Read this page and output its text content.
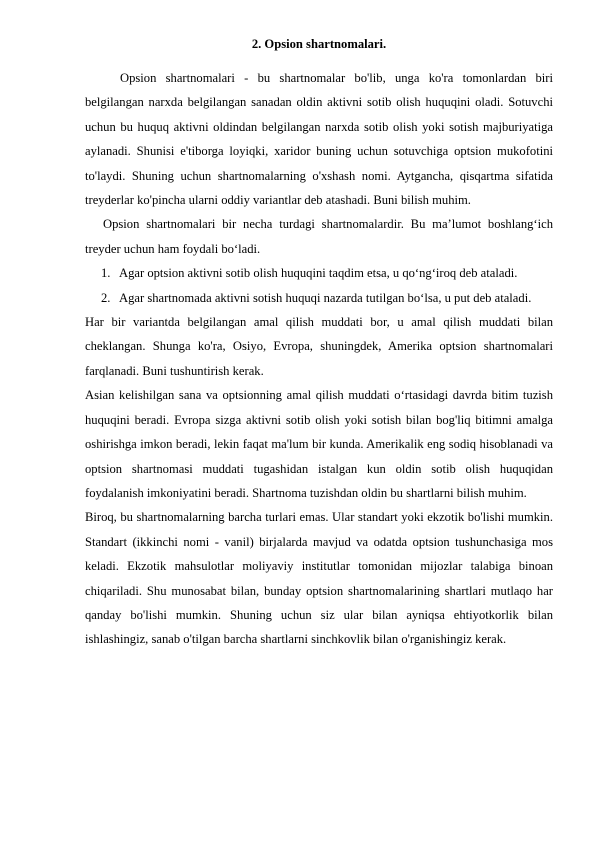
2. Opsion shartnomalari.

Opsion shartnomalari - bu shartnomalar bo'lib, unga ko'ra tomonlardan biri belgilangan narxda belgilangan sanadan oldin aktivni sotib olish huquqini oladi. Sotuvchi uchun bu huquq aktivni oldindan belgilangan narxda sotib olish yoki sotish majburiyatiga aylanadi. Shunisi e'tiborga loyiqki, xaridor buning uchun sotuvchiga optsion mukofotini to'laydi. Shuning uchun shartnomalarning o'xshash nomi. Aytgancha, qisqartma sifatida treyderlar ko'pincha ularni oddiy variantlar deb atashadi. Buni bilish muhim.

Opsion shartnomalari bir necha turdagi shartnomalardir. Bu maʼlumot boshlangʻich treyder uchun ham foydali boʻladi.

1. Agar optsion aktivni sotib olish huquqini taqdim etsa, u qoʻngʻiroq deb ataladi.
2. Agar shartnomada aktivni sotish huquqi nazarda tutilgan boʻlsa, u put deb ataladi.

Har bir variantda belgilangan amal qilish muddati bor, u amal qilish muddati bilan cheklangan. Shunga ko'ra, Osiyo, Evropa, shuningdek, Amerika optsion shartnomalari farqlanadi. Buni tushuntirish kerak.

Asian kelishilgan sana va optsionning amal qilish muddati oʻrtasidagi davrda bitim tuzish huquqini beradi. Evropa sizga aktivni sotib olish yoki sotish bilan bog'liq bitimni amalga oshirishga imkon beradi, lekin faqat ma'lum bir kunda. Amerikalik eng sodiq hisoblanadi va optsion shartnomasi muddati tugashidan istalgan kun oldin sotib olish huquqidan foydalanish imkoniyatini beradi. Shartnoma tuzishdan oldin bu shartlarni bilish muhim.

Biroq, bu shartnomalarning barcha turlari emas. Ular standart yoki ekzotik bo'lishi mumkin. Standart (ikkinchi nomi - vanil) birjalarda mavjud va odatda optsion tushunchasiga mos keladi. Ekzotik mahsulotlar moliyaviy institutlar tomonidan mijozlar talabiga binoan chiqariladi. Shu munosabat bilan, bunday optsion shartnomalarining shartlari mutlaqo har qanday bo'lishi mumkin. Shuning uchun siz ular bilan ayniqsa ehtiyotkorlik bilan ishlashingiz, sanab o'tilgan barcha shartlarni sinchkovlik bilan o'rganishingiz kerak.
